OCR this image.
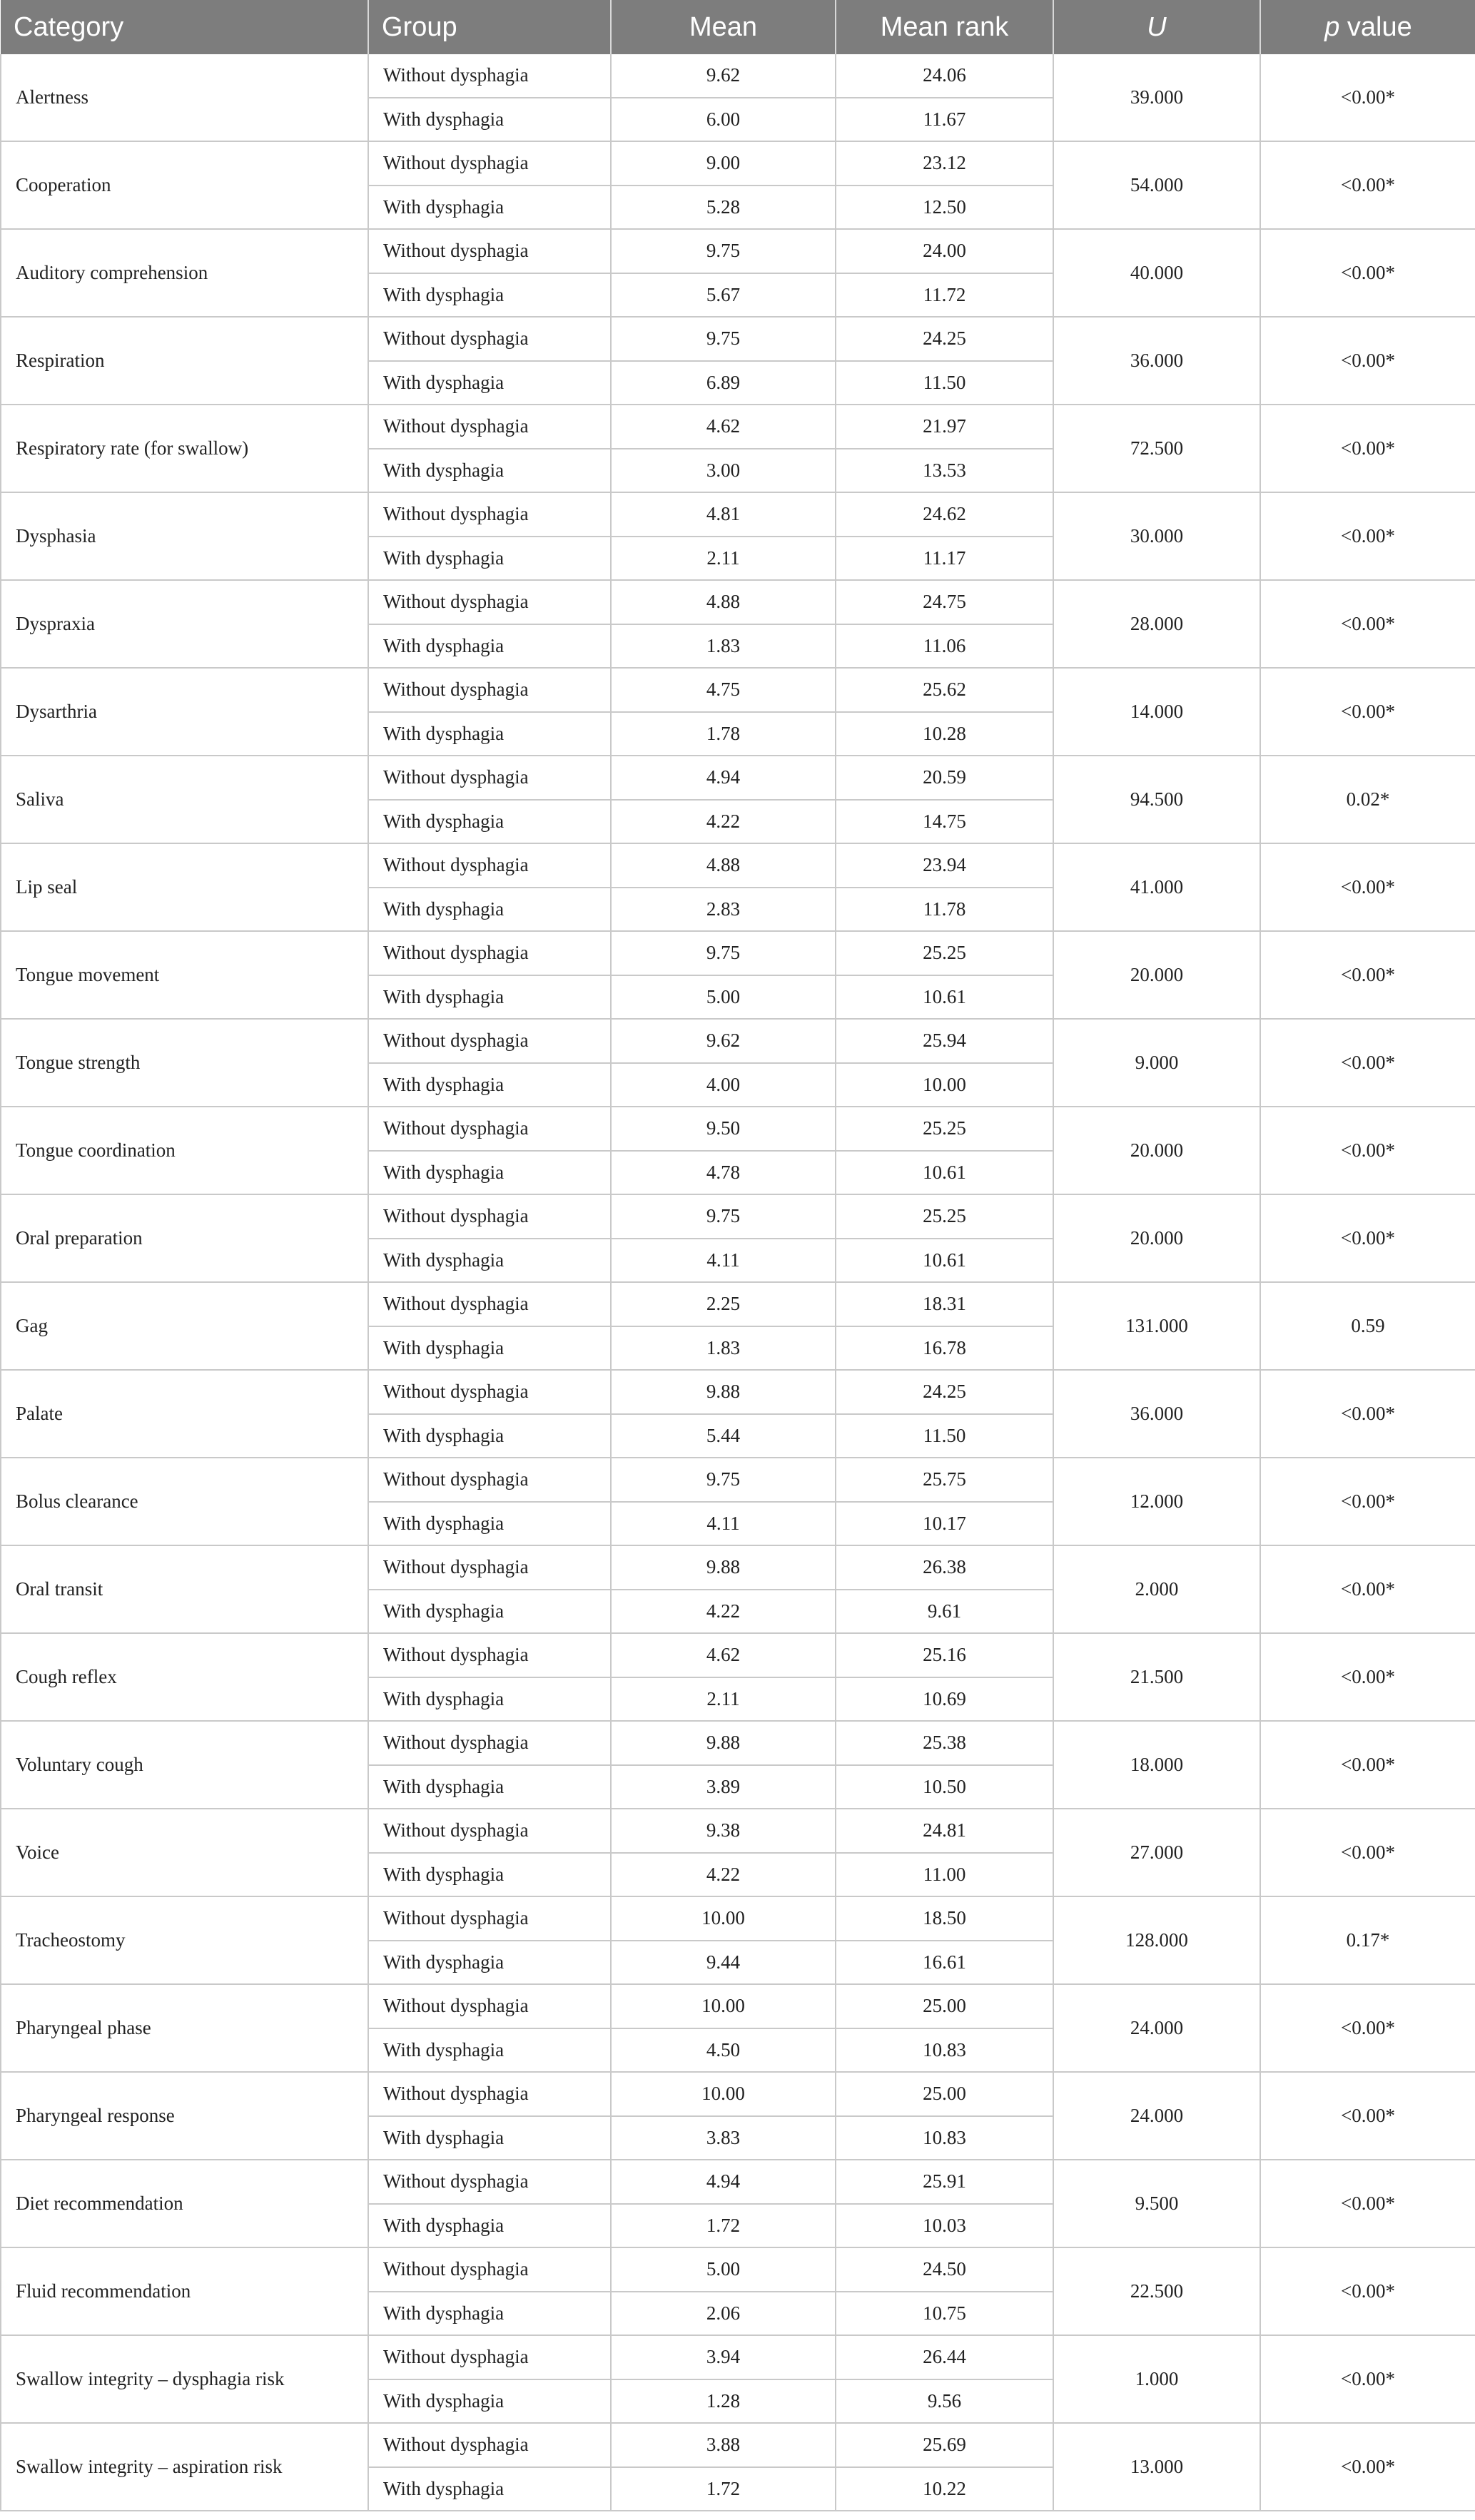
Category	Group	Mean	Mean rank	U	p value
Alertness	Without dysphagia	9.62	24.06	39.000	<0.00*
	With dysphagia	6.00	11.67		
Cooperation	Without dysphagia	9.00	23.12	54.000	<0.00*
	With dysphagia	5.28	12.50		
Auditory comprehension	Without dysphagia	9.75	24.00	40.000	<0.00*
	With dysphagia	5.67	11.72		
Respiration	Without dysphagia	9.75	24.25	36.000	<0.00*
	With dysphagia	6.89	11.50		
Respiratory rate (for swallow)	Without dysphagia	4.62	21.97	72.500	<0.00*
	With dysphagia	3.00	13.53		
Dysphasia	Without dysphagia	4.81	24.62	30.000	<0.00*
	With dysphagia	2.11	11.17		
Dyspraxia	Without dysphagia	4.88	24.75	28.000	<0.00*
	With dysphagia	1.83	11.06		
Dysarthria	Without dysphagia	4.75	25.62	14.000	<0.00*
	With dysphagia	1.78	10.28		
Saliva	Without dysphagia	4.94	20.59	94.500	0.02*
	With dysphagia	4.22	14.75		
Lip seal	Without dysphagia	4.88	23.94	41.000	<0.00*
	With dysphagia	2.83	11.78		
Tongue movement	Without dysphagia	9.75	25.25	20.000	<0.00*
	With dysphagia	5.00	10.61		
Tongue strength	Without dysphagia	9.62	25.94	9.000	<0.00*
	With dysphagia	4.00	10.00		
Tongue coordination	Without dysphagia	9.50	25.25	20.000	<0.00*
	With dysphagia	4.78	10.61		
Oral preparation	Without dysphagia	9.75	25.25	20.000	<0.00*
	With dysphagia	4.11	10.61		
Gag	Without dysphagia	2.25	18.31	131.000	0.59
	With dysphagia	1.83	16.78		
Palate	Without dysphagia	9.88	24.25	36.000	<0.00*
	With dysphagia	5.44	11.50		
Bolus clearance	Without dysphagia	9.75	25.75	12.000	<0.00*
	With dysphagia	4.11	10.17		
Oral transit	Without dysphagia	9.88	26.38	2.000	<0.00*
	With dysphagia	4.22	9.61		
Cough reflex	Without dysphagia	4.62	25.16	21.500	<0.00*
	With dysphagia	2.11	10.69		
Voluntary cough	Without dysphagia	9.88	25.38	18.000	<0.00*
	With dysphagia	3.89	10.50		
Voice	Without dysphagia	9.38	24.81	27.000	<0.00*
	With dysphagia	4.22	11.00		
Tracheostomy	Without dysphagia	10.00	18.50	128.000	0.17*
	With dysphagia	9.44	16.61		
Pharyngeal phase	Without dysphagia	10.00	25.00	24.000	<0.00*
	With dysphagia	4.50	10.83		
Pharyngeal response	Without dysphagia	10.00	25.00	24.000	<0.00*
	With dysphagia	3.83	10.83		
Diet recommendation	Without dysphagia	4.94	25.91	9.500	<0.00*
	With dysphagia	1.72	10.03		
Fluid recommendation	Without dysphagia	5.00	24.50	22.500	<0.00*
	With dysphagia	2.06	10.75		
Swallow integrity – dysphagia risk	Without dysphagia	3.94	26.44	1.000	<0.00*
	With dysphagia	1.28	9.56		
Swallow integrity – aspiration risk	Without dysphagia	3.88	25.69	13.000	<0.00*
	With dysphagia	1.72	10.22		
